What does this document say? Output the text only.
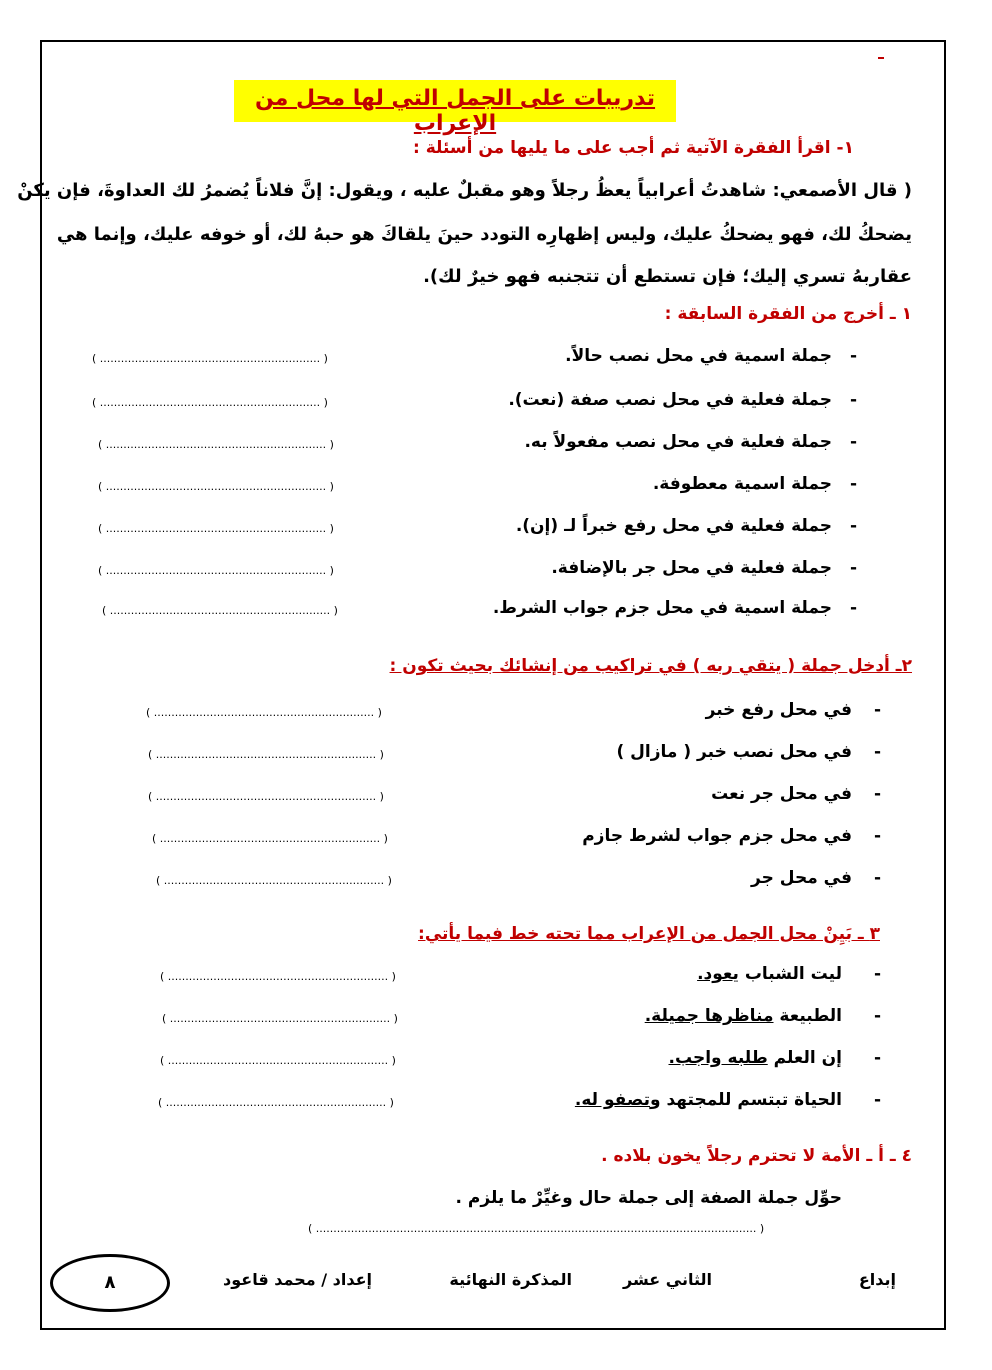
تدريبات على الجمل التي لها محل من الإعراب
١- اقرأ الفقرة الآتية ثم أجب على ما يليها من أسئلة :
( قال الأصمعي: شاهدتُ أعرابياً يعظُ رجلاً وهو مقبلٌ عليه ، ويقول: إنَّ فلاناً يُضمرُ لك العداوةَ، فإن يكنْ
يضحكُ لك، فهو يضحكُ عليك، وليس إظهارِه التودد حينَ يلقاكَ هو حبهُ لك، أو خوفه عليك، وإنما هي
عقاربهُ تسري إليك؛ فإن تستطع أن تتجنبه فهو خيرٌ لك).
١ ـ أخرج من الفقرة السابقة :
-
جملة اسمية في محل نصب حالاً.
( ............................................................... )
-
جملة فعلية في محل نصب صفة (نعت).
( ............................................................... )
-
جملة فعلية في محل نصب مفعولاً به.
( ............................................................... )
-
جملة اسمية معطوفة.
( ............................................................... )
-
جملة فعلية في محل رفع خبراً لـ (إن).
( ............................................................... )
-
جملة فعلية في محل جر بالإضافة.
( ............................................................... )
-
جملة اسمية في محل جزم جواب الشرط.
( ............................................................... )
٢ـ أدخل جملة ( يتقي ربه ) في تراكيب من إنشائك بحيث تكون :
-
في محل رفع خبر
( ............................................................... )
-
في محل نصب خبر ( مازال )
( ............................................................... )
-
في محل جر نعت
( ............................................................... )
-
في محل جزم جواب لشرط جازم
( ............................................................... )
-
في محل جر
( ............................................................... )
٣ ـ بَيِنْ محل الجمل من الإعراب مما تحته خط فيما يأتي:
-
ليت الشباب يعود.
( ............................................................... )
-
الطبيعة مناظرها جميلة.
( ............................................................... )
-
إن العلم طلبه واجب.
( ............................................................... )
-
الحياة تبتسم للمجتهد وتصفو له.
( ............................................................... )
٤ ـ أ ـ الأمة لا تحترم رجلاً يخون بلاده .
حوِّل جملة الصفة إلى جملة حال وغيِّرْ ما يلزم .
( .............................................................................................................................. )
إبداع
الثاني عشر
المذكرة النهائية
إعداد / محمد قاعود
٨
